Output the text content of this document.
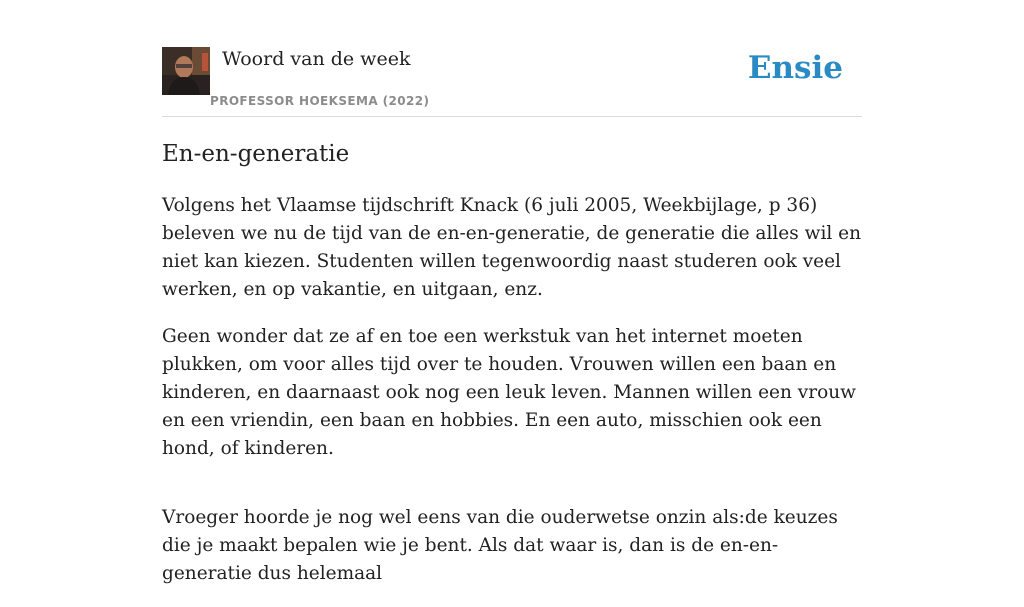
Woord van de week
PROFESSOR HOEKSEMA (2022)
Ensie
En-en-generatie

Volgens het Vlaamse tijdschrift Knack (6 juli 2005, Weekbijlage, p 36) beleven we nu de tijd van de en-en-generatie, de generatie die alles wil en niet kan kiezen. Studenten willen tegenwoordig naast studeren ook veel werken, en op vakantie, en uitgaan, enz.

Geen wonder dat ze af en toe een werkstuk van het internet moeten plukken, om voor alles tijd over te houden. Vrouwen willen een baan en kinderen, en daarnaast ook nog een leuk leven. Mannen willen een vrouw en een vriendin, een baan en hobbies. En een auto, misschien ook een hond, of kinderen.

Vroeger hoorde je nog wel eens van die ouderwetse onzin als:de keuzes die je maakt bepalen wie je bent. Als dat waar is, dan is de en-en-generatie dus helemaal
